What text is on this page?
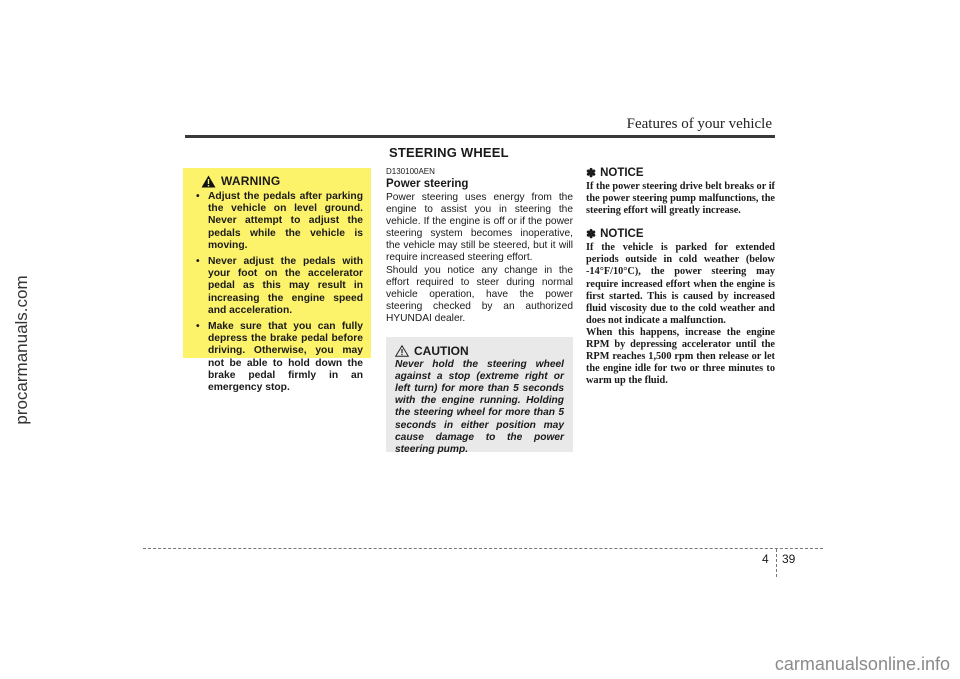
procarmanuals.com
Features of your vehicle
WARNING
• Adjust the pedals after parking the vehicle on level ground. Never attempt to adjust the pedals while the vehicle is moving.
• Never adjust the pedals with your foot on the accelerator pedal as this may result in increasing the engine speed and acceleration.
• Make sure that you can fully depress the brake pedal before driving. Otherwise, you may not be able to hold down the brake pedal firmly in an emergency stop.
STEERING WHEEL
D130100AEN
Power steering

Power steering uses energy from the engine to assist you in steering the vehicle. If the engine is off or if the power steering system becomes inoperative, the vehicle may still be steered, but it will require increased steering effort.

Should you notice any change in the effort required to steer during normal vehicle operation, have the power steering checked by an authorized HYUNDAI dealer.

CAUTION

Never hold the steering wheel against a stop (extreme right or left turn) for more than 5 seconds with the engine running. Holding the steering wheel for more than 5 seconds in either position may cause damage to the power steering pump.

✽ NOTICE

If the power steering drive belt breaks or if the power steering pump malfunctions, the steering effort will greatly increase.

✽ NOTICE

If the vehicle is parked for extended periods outside in cold weather (below -14°F/10°C), the power steering may require increased effort when the engine is first started. This is caused by increased fluid viscosity due to the cold weather and does not indicate a malfunction.

When this happens, increase the engine RPM by depressing accelerator until the RPM reaches 1,500 rpm then release or let the engine idle for two or three minutes to warm up the fluid.

4 39
carmanualsonline.info
